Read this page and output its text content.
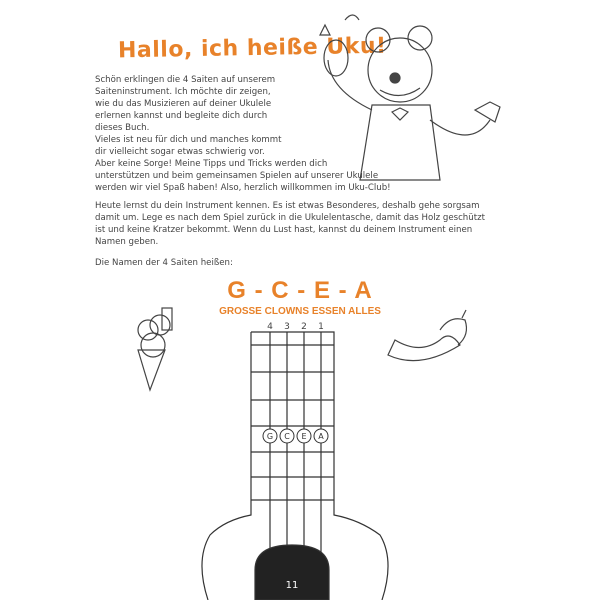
Hallo, ich heiße Uku!
Schön erklingen die 4 Saiten auf unserem
Saiteninstrument. Ich möchte dir zeigen,
wie du das Musizieren auf deiner Ukulele
erlernen kannst und begleite dich durch
dieses Buch.
Vieles ist neu für dich und manches kommt
dir vielleicht sogar etwas schwierig vor.
Aber keine Sorge! Meine Tipps und Tricks werden dich
unterstützen und beim gemeinsamen Spielen auf unserer Ukulele
werden wir viel Spaß haben! Also, herzlich willkommen im Uku-Club!
Heute lernst du dein Instrument kennen. Es ist etwas Besonderes, deshalb gehe sorgsam
damit um. Lege es nach dem Spiel zurück in die Ukulelentasche, damit das Holz geschützt
ist und keine Kratzer bekommt. Wenn du Lust hast, kannst du deinem Instrument einen
Namen geben.
Die Namen der 4 Saiten heißen:
G - C - E - A
GROSSE CLOWNS ESSEN ALLES
4 3 2 1
G C E A
11
